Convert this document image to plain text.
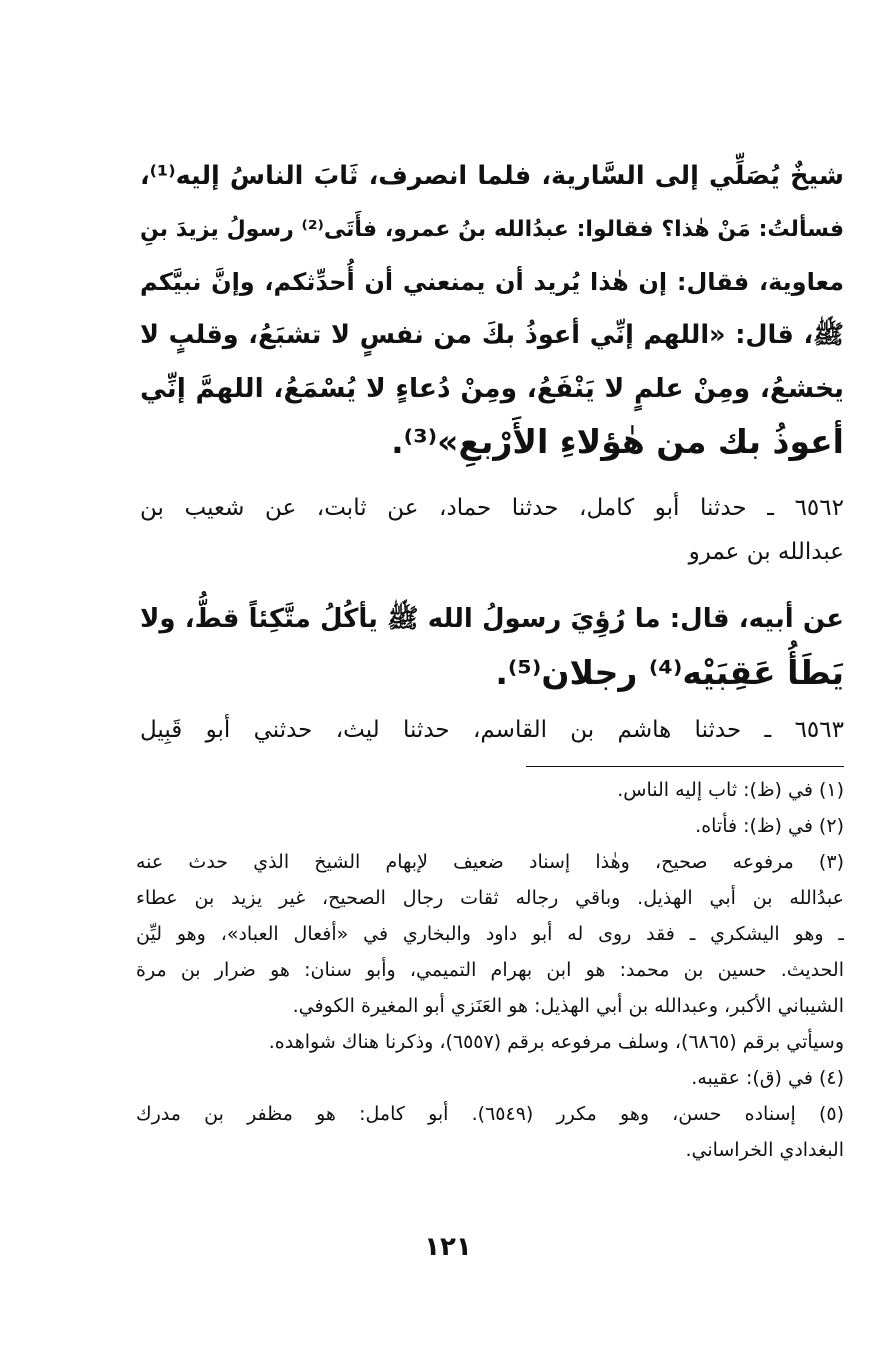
شيخٌ يُصَلِّي إلى السَّارية، فلما انصرف، ثَابَ الناسُ إليه⁽¹⁾،
فسألتُ: مَنْ هٰذا؟ فقالوا: عبدُالله بنُ عمرو، فأَتَى⁽²⁾ رسولُ يزيدَ بنِ
معاوية، فقال: إن هٰذا يُريد أن يمنعني أن أُحدِّثكم، وإنَّ نبيَّكم
ﷺ، قال: «اللهم إنِّي أعوذُ بكَ من نفسٍ لا تشبَعُ، وقلبٍ لا
يخشعُ، ومِنْ علمٍ لا يَنْفَعُ، ومِنْ دُعاءٍ لا يُسْمَعُ، اللهمَّ إنِّي
أعوذُ بك من هٰؤلاءِ الأَرْبعِ»⁽³⁾.
٦٥٦٢ ـ حدثنا أبو كامل، حدثنا حماد، عن ثابت، عن شعيب بن
عبدالله بن عمرو
عن أبيه، قال: ما رُؤِيَ رسولُ الله ﷺ يأكُلُ متَّكِئاً قطُّ، ولا
يَطَأُ عَقِبَيْه⁽⁴⁾ رجلان⁽⁵⁾.
٦٥٦٣ ـ حدثنا هاشم بن القاسم، حدثنا ليث، حدثني أبو قَبِيل
(١) في (ظ): ثاب إليه الناس.
(٢) في (ظ): فأتاه.
(٣) مرفوعه صحيح، وهٰذا إسناد ضعيف لإبهام الشيخ الذي حدث عنه
عبدُالله بن أبي الهذيل. وباقي رجاله ثقات رجال الصحيح، غير يزيد بن عطاء
ـ وهو اليشكري ـ فقد روى له أبو داود والبخاري في «أفعال العباد»، وهو ليِّن
الحديث. حسين بن محمد: هو ابن بهرام التميمي، وأبو سنان: هو ضرار بن مرة
الشيباني الأكبر، وعبدالله بن أبي الهذيل: هو العَنَزي أبو المغيرة الكوفي.
وسيأتي برقم (٦٨٦٥)، وسلف مرفوعه برقم (٦٥٥٧)، وذكرنا هناك شواهده.
(٤) في (ق): عقيبه.
(٥) إسناده حسن، وهو مكرر (٦٥٤٩). أبو كامل: هو مظفر بن مدرك
البغدادي الخراساني.
١٢١
